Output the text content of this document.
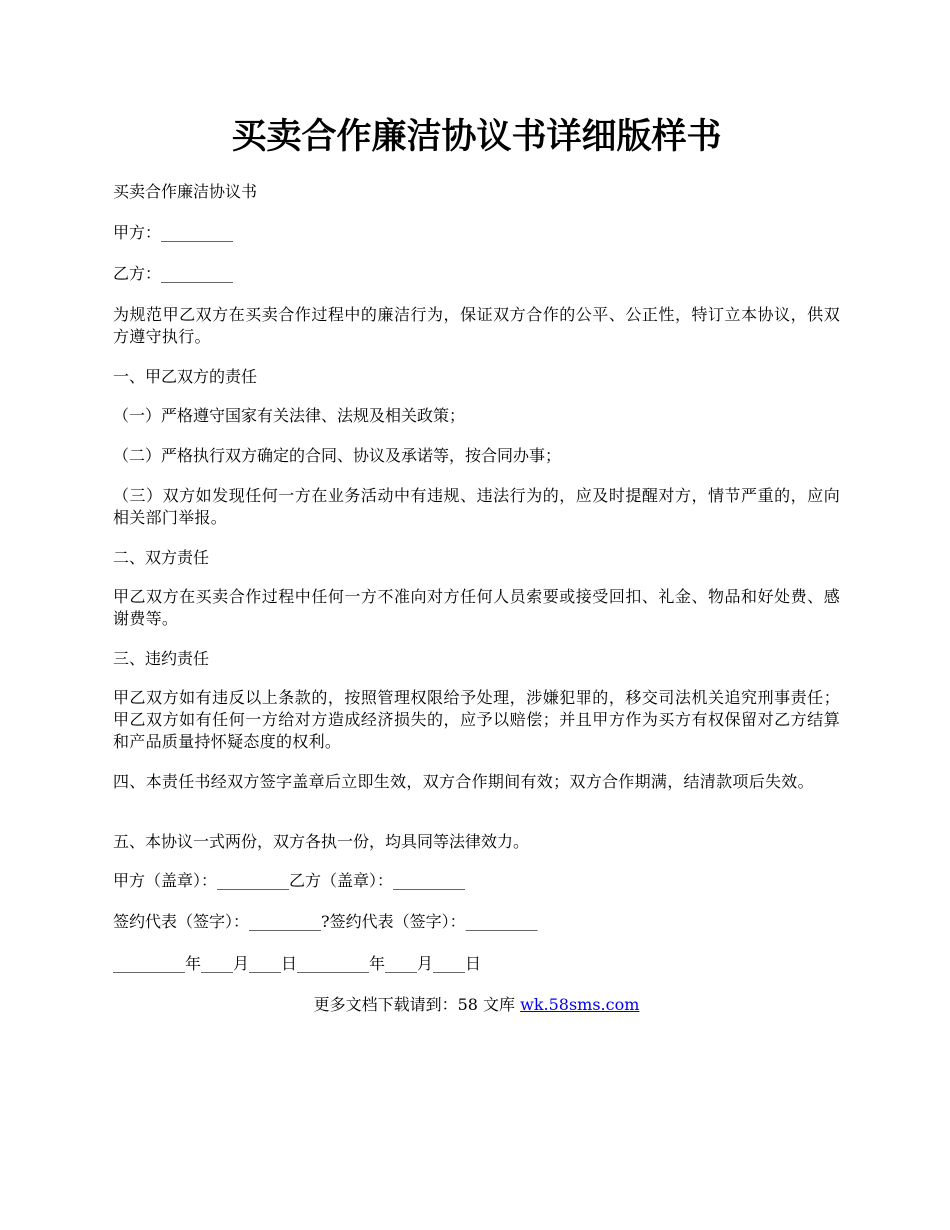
买卖合作廉洁协议书详细版样书
买卖合作廉洁协议书
甲方：_________
乙方：_________
为规范甲乙双方在买卖合作过程中的廉洁行为，保证双方合作的公平、公正性，特订立本协议，供双方遵守执行。
一、甲乙双方的责任
（一）严格遵守国家有关法律、法规及相关政策；
（二）严格执行双方确定的合同、协议及承诺等，按合同办事；
（三）双方如发现任何一方在业务活动中有违规、违法行为的，应及时提醒对方，情节严重的，应向相关部门举报。
二、双方责任
甲乙双方在买卖合作过程中任何一方不准向对方任何人员索要或接受回扣、礼金、物品和好处费、感谢费等。
三、违约责任
甲乙双方如有违反以上条款的，按照管理权限给予处理，涉嫌犯罪的，移交司法机关追究刑事责任；甲乙双方如有任何一方给对方造成经济损失的，应予以赔偿；并且甲方作为买方有权保留对乙方结算和产品质量持怀疑态度的权利。
四、本责任书经双方签字盖章后立即生效，双方合作期间有效；双方合作期满，结清款项后失效。
五、本协议一式两份，双方各执一份，均具同等法律效力。
甲方（盖章）：_________乙方（盖章）：_________
签约代表（签字）：_________?签约代表（签字）：_________
_________年____月____日_________年____月____日
更多文档下载请到：58 文库 wk.58sms.com
